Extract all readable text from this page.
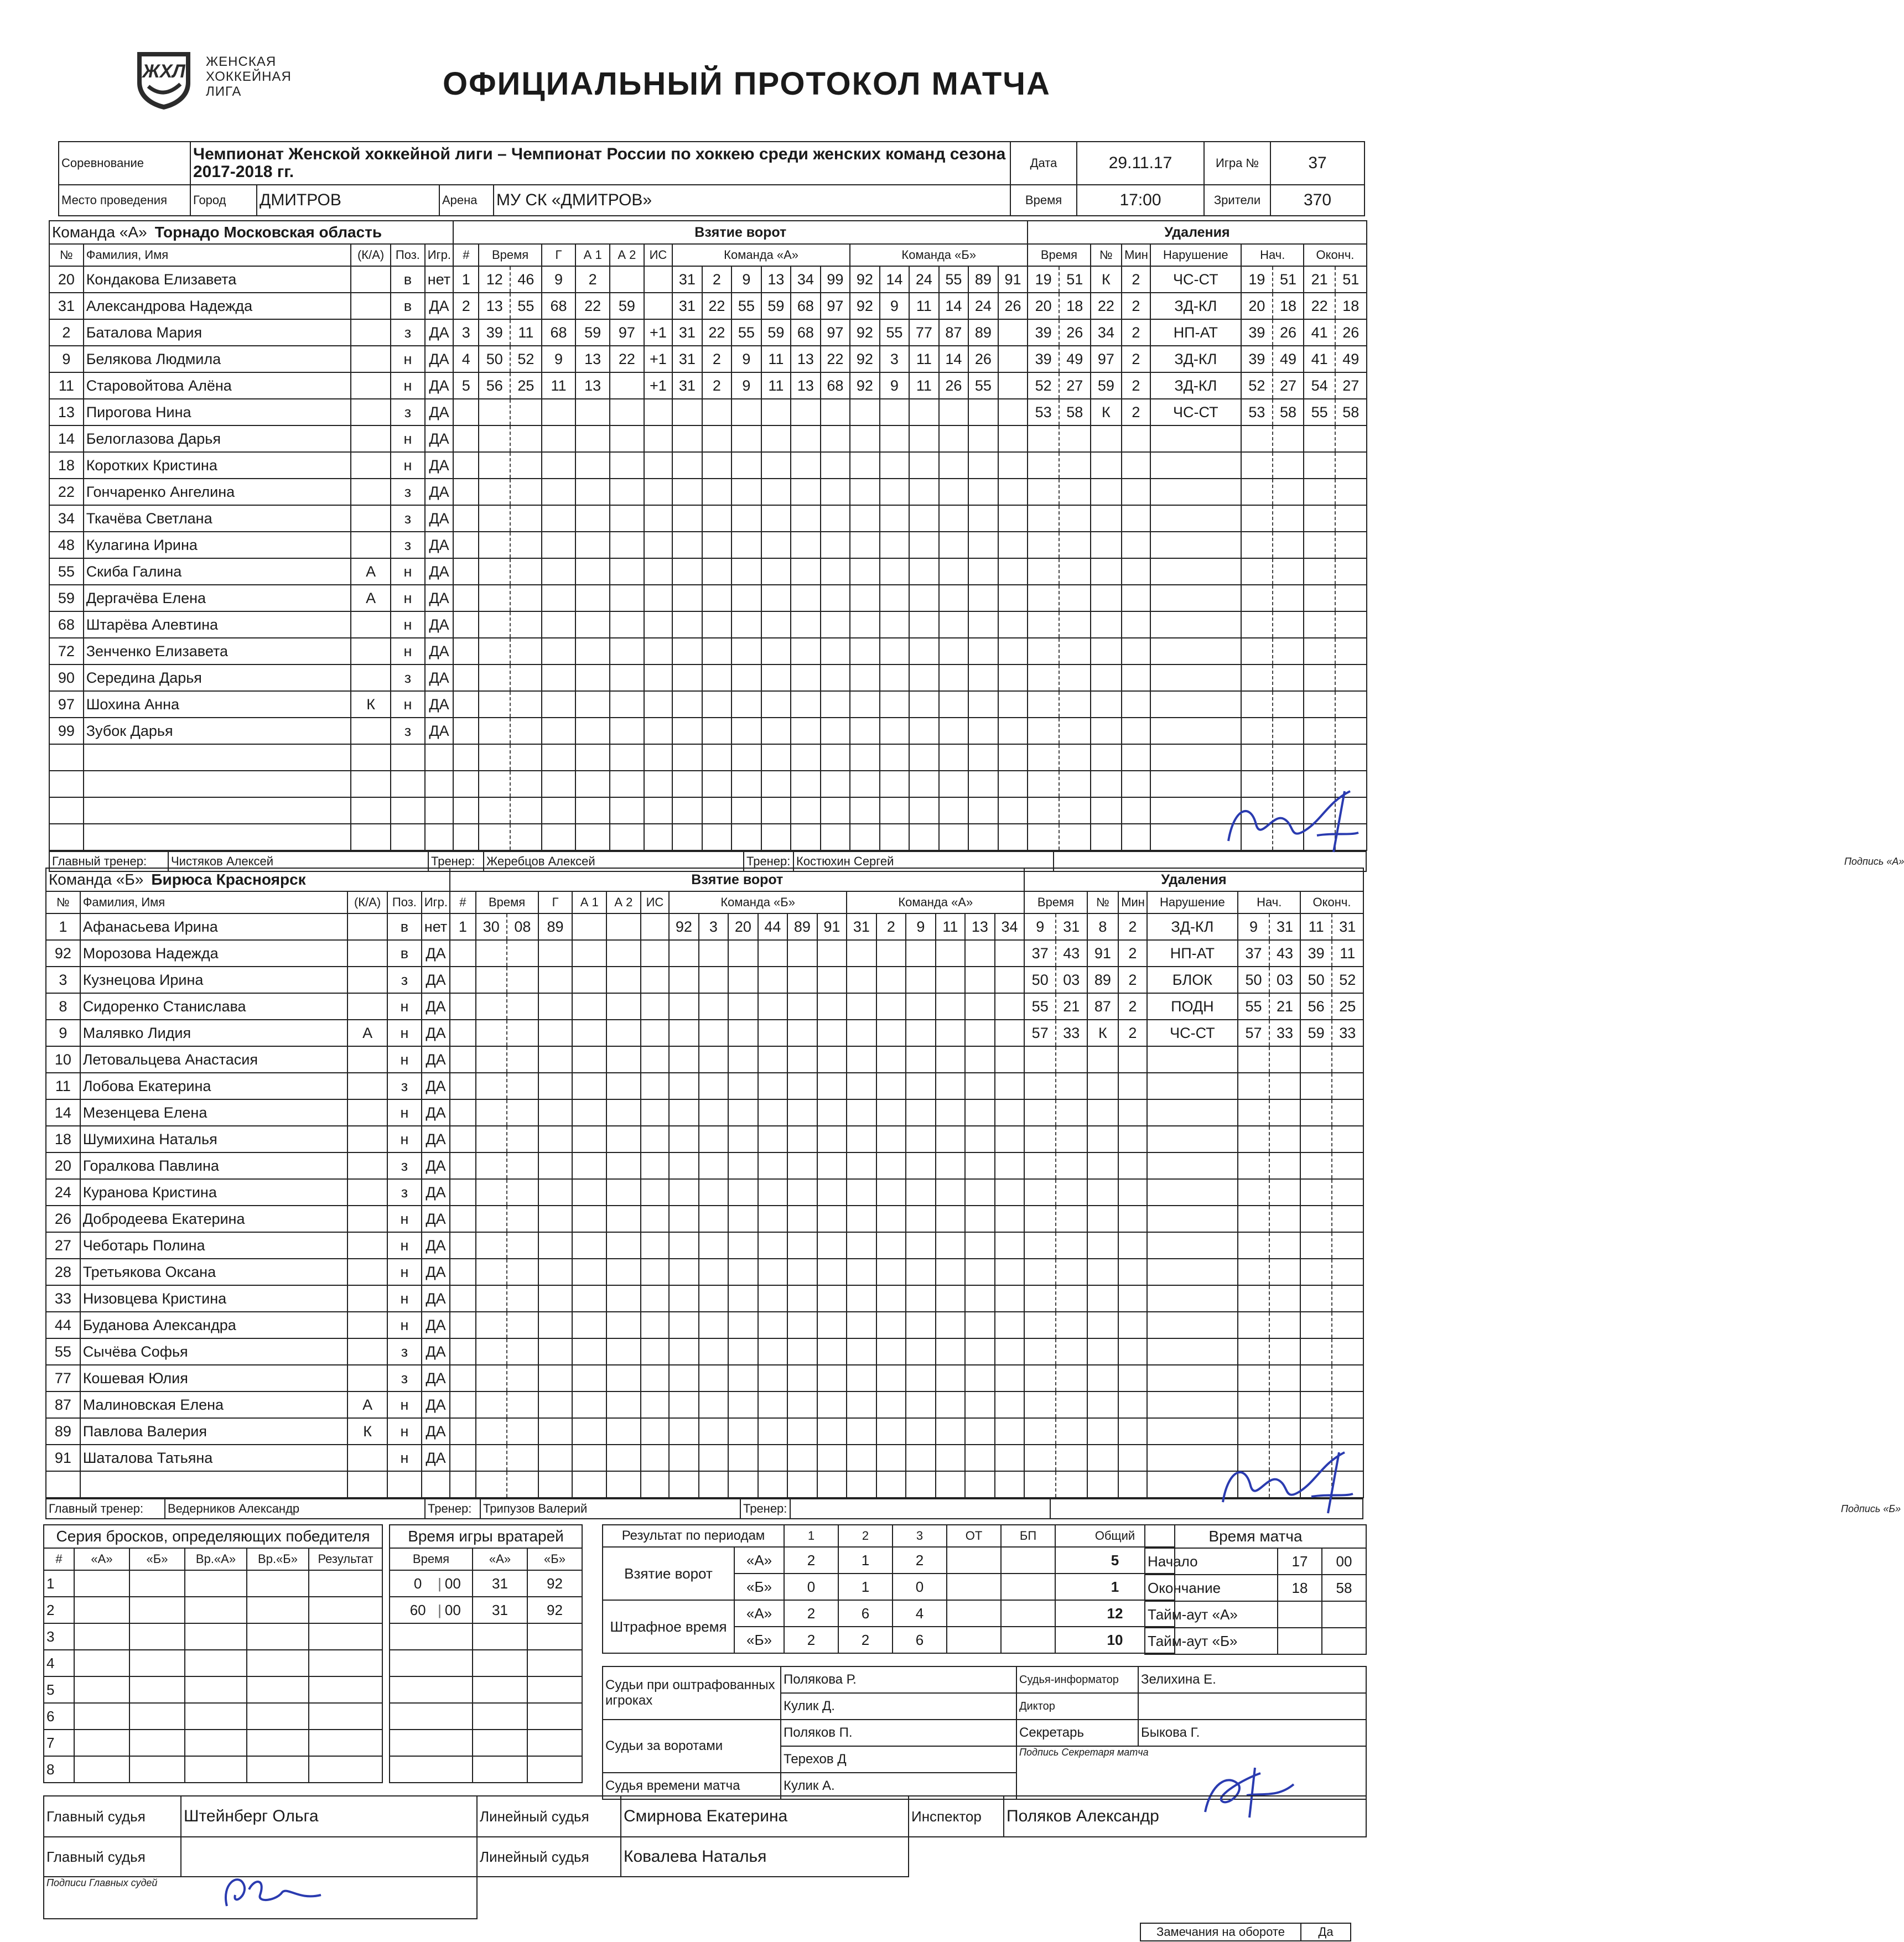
ЖХЛ ЖЕНСКАЯ
ХОККЕЙНАЯ
ЛИГА	ОФИЦИАЛЬНЫЙ ПРОТОКОЛ МАТЧА
Соревнование	Чемпионат Женской хоккейной лиги – Чемпионат России по хоккею среди женских команд сезона 2017-2018 гг.				Дата	29.11.17	Игра №	37
Место проведения	Город	ДМИТРОВ	Арена	МУ СК «ДМИТРОВ»	Время	17:00	Зрители	370
Команда «А» Торнадо Московская область					Взятие ворот																			Удаления								
№	Фамилия, Имя	(К/А)	Поз.	Игр.	#	Время		Г	А 1	А 2	ИС	Команда «А»						Команда «Б»						Время		№	Мин	Нарушение	Нач.		Оконч.	
20	Кондакова Елизавета		в	нет	1	12	46	9	2			31	2	9	13	34	99	92	14	24	55	89	91	19	51	К	2	ЧС-СТ	19	51	21	51
31	Александрова Надежда		в	ДА	2	13	55	68	22	59		31	22	55	59	68	97	92	9	11	14	24	26	20	18	22	2	ЗД-КЛ	20	18	22	18
2	Баталова Мария		з	ДА	3	39	11	68	59	97	+1	31	22	55	59	68	97	92	55	77	87	89		39	26	34	2	НП-АТ	39	26	41	26
9	Белякова Людмила		н	ДА	4	50	52	9	13	22	+1	31	2	9	11	13	22	92	3	11	14	26		39	49	97	2	ЗД-КЛ	39	49	41	49
11	Старовойтова Алёна		н	ДА	5	56	25	11	13		+1	31	2	9	11	13	68	92	9	11	26	55		52	27	59	2	ЗД-КЛ	52	27	54	27
13	Пирогова Нина		з	ДА																				53	58	К	2	ЧС-СТ	53	58	55	58
14	Белоглазова Дарья		н	ДА																												
18	Коротких Кристина		н	ДА																												
22	Гончаренко Ангелина		з	ДА																												
34	Ткачёва Светлана		з	ДА																												
48	Кулагина Ирина		з	ДА																												
55	Скиба Галина	А	н	ДА																												
59	Дергачёва Елена	А	н	ДА																												
68	Штарёва Алевтина		н	ДА																												
72	Зенченко Елизавета		н	ДА																												
90	Середина Дарья		з	ДА																												
97	Шохина Анна	К	н	ДА																												
99	Зубок Дарья		з	ДА																												

Главный тренер:	Чистяков Алексей	Тренер:	Жеребцов Алексей	Тренер:	Костюхин Сергей	Подпись «А»
Команда «Б» Бирюса Красноярск					Взятие ворот																			Удаления								
№	Фамилия, Имя	(К/А)	Поз.	Игр.	#	Время		Г	А 1	А 2	ИС	Команда «Б»						Команда «А»						Время		№	Мин	Нарушение	Нач.		Оконч.	
1	Афанасьева Ирина		в	нет	1	30	08	89				92	3	20	44	89	91	31	2	9	11	13	34	9	31	8	2	ЗД-КЛ	9	31	11	31
92	Морозова Надежда		в	ДА																				37	43	91	2	НП-АТ	37	43	39	11
3	Кузнецова Ирина		з	ДА																				50	03	89	2	БЛОК	50	03	50	52
8	Сидоренко Станислава		н	ДА																				55	21	87	2	ПОДН	55	21	56	25
9	Малявко Лидия	А	н	ДА																				57	33	К	2	ЧС-СТ	57	33	59	33
10	Летовальцева Анастасия		н	ДА																												
11	Лобова Екатерина		з	ДА																												
14	Мезенцева Елена		н	ДА																												
18	Шумихина Наталья		н	ДА																												
20	Горалкова Павлина		з	ДА																												
24	Куранова Кристина		з	ДА																												
26	Добродеева Екатерина		н	ДА																												
27	Чеботарь Полина		н	ДА																												
28	Третьякова Оксана		н	ДА																												
33	Низовцева Кристина		н	ДА																												
44	Буданова Александра		н	ДА																												
55	Сычёва Софья		з	ДА																												
77	Кошевая Юлия		з	ДА																												
87	Малиновская Елена	А	н	ДА																												
89	Павлова Валерия	К	н	ДА																												
91	Шаталова Татьяна		н	ДА																												

Главный тренер:	Ведерников Александр	Тренер:	Трипузов Валерий	Тренер:		Подпись «Б»
Серия бросков, определяющих победителя					
#	«А»	«Б»	Вр.«А»	Вр.«Б»	Результат
1					
2					
3					
4					
5					
6					
7					
8					
Время игры вратарей		
Время	«А»	«Б»
0 | 00	31	92
60 | 00	31	92

Результат по периодам		1	2	3	ОТ	БП	Общий
Взятие ворот	«А»	2	1	2			5
	«Б»	0	1	0			1
Штрафное время	«А»	2	6	4			12
	«Б»	2	2	6			10
Время матча		
Начало	17	00
Окончание	18	58
Тайм-аут «А»		
Тайм-аут «Б»		
Судьи при оштрафованных игроках	Полякова Р.	Судья-информатор	Зелихина Е.
	Кулик Д.	Диктор	
Судьи за воротами	Поляков П.	Секретарь	Быкова Г.
	Терехов Д	Подпись Секретаря матча	
Судья времени матча	Кулик А.		
Главный судья	Штейнберг Ольга	Линейный судья	Смирнова Екатерина	Инспектор	Поляков Александр
Главный судья		Линейный судья	Ковалева Наталья		
Подписи Главных судей					
Замечания на обороте	Да
